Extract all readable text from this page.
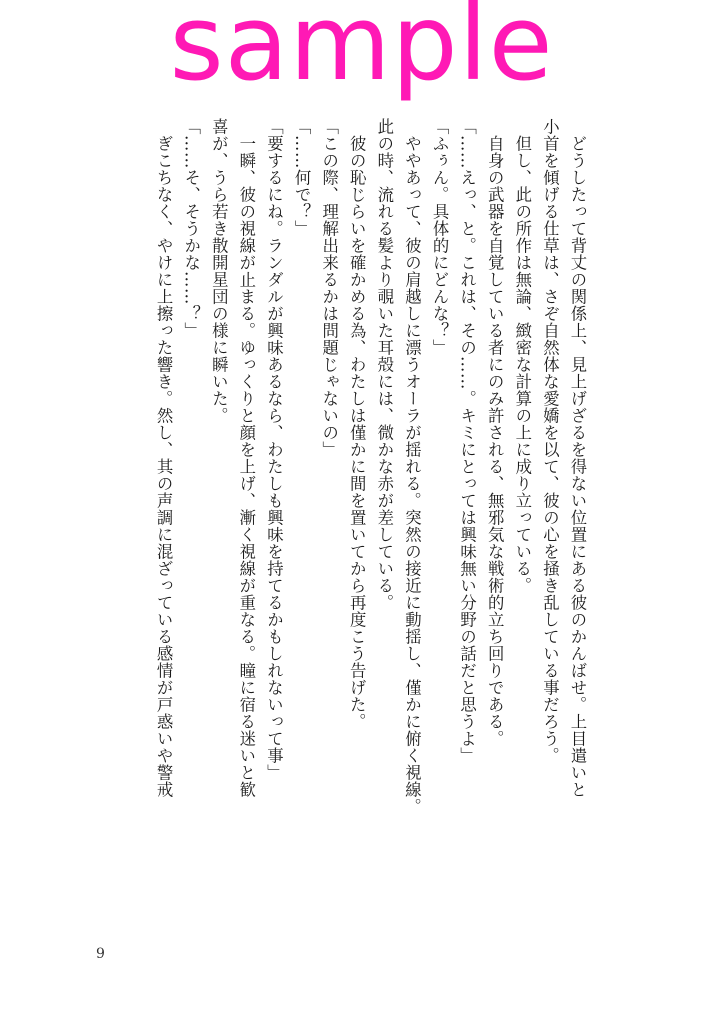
sample

　どうしたって背丈の関係上、見上げざるを得ない位置にある彼のかんばせ。上目遣いと

小首を傾げる仕草は、さぞ自然体な愛嬌を以て、彼の心を掻き乱している事だろう。

　但し、此の所作は無論、緻密な計算の上に成り立っている。

　自身の武器を自覚している者にのみ許される、無邪気な戦術的立ち回りである。

「……えっ、と。これは、その……。キミにとっては興味無い分野の話だと思うよ」

「ふぅん。具体的にどんな？」

　ややあって、彼の肩越しに漂うオーラが揺れる。突然の接近に動揺し、僅かに俯く視線。

此の時、流れる髪より覗いた耳殻には、微かな赤が差している。

　彼の恥じらいを確かめる為、わたしは僅かに間を置いてから再度こう告げた。

「この際、理解出来るかは問題じゃないの」

「……何で？」

「要するにね。ランダルが興味あるなら、わたしも興味を持てるかもしれないって事」

　一瞬、彼の視線が止まる。ゆっくりと顔を上げ、漸く視線が重なる。瞳に宿る迷いと歓

喜が、うら若き散開星団の様に瞬いた。

「……そ、そうかな……？」

　ぎこちなく、やけに上擦った響き。然し、其の声調に混ざっている感情が戸惑いや警戒

9
